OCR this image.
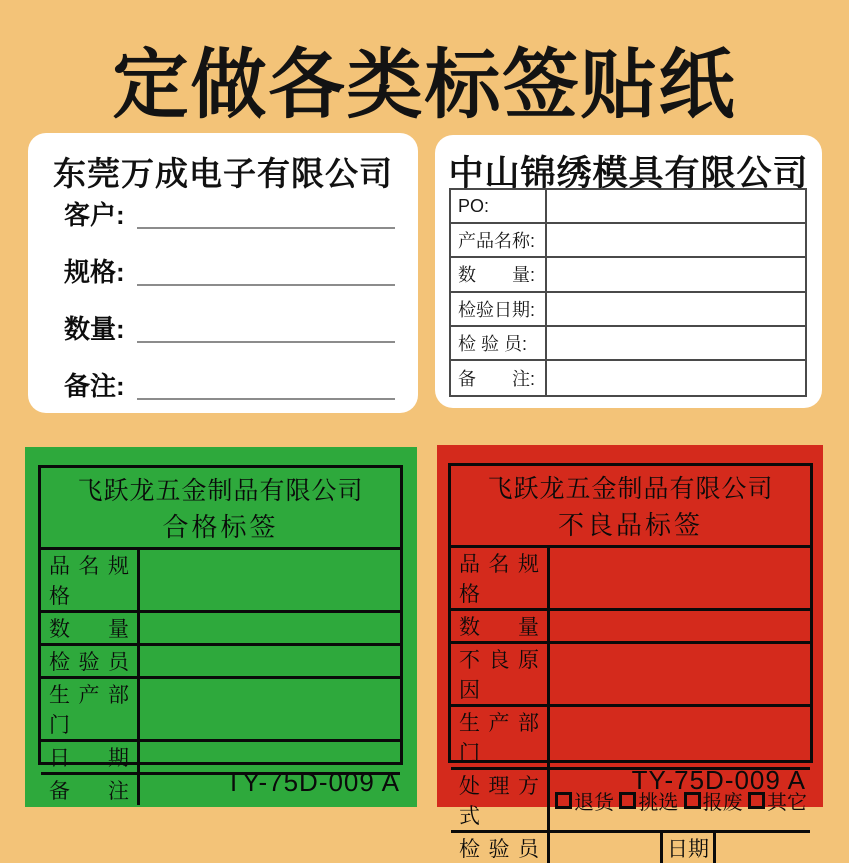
定做各类标签贴纸
东莞万成电子有限公司
客户:
规格:
数量:
备注:
中山锦绣模具有限公司
PO:
产品名称:
数　　量:
检验日期:
检 验 员:
备　　注:
飞跃龙五金制品有限公司
合格标签
品名规格
数量
检验员
生产部门
日期
备注	TY-75D-009 A
飞跃龙五金制品有限公司
不良品标签
品名规格
数量
不良原因
生产部门
处理方式
退货 挑选 报废 其它
检验员	日期
TY-75D-009 A
